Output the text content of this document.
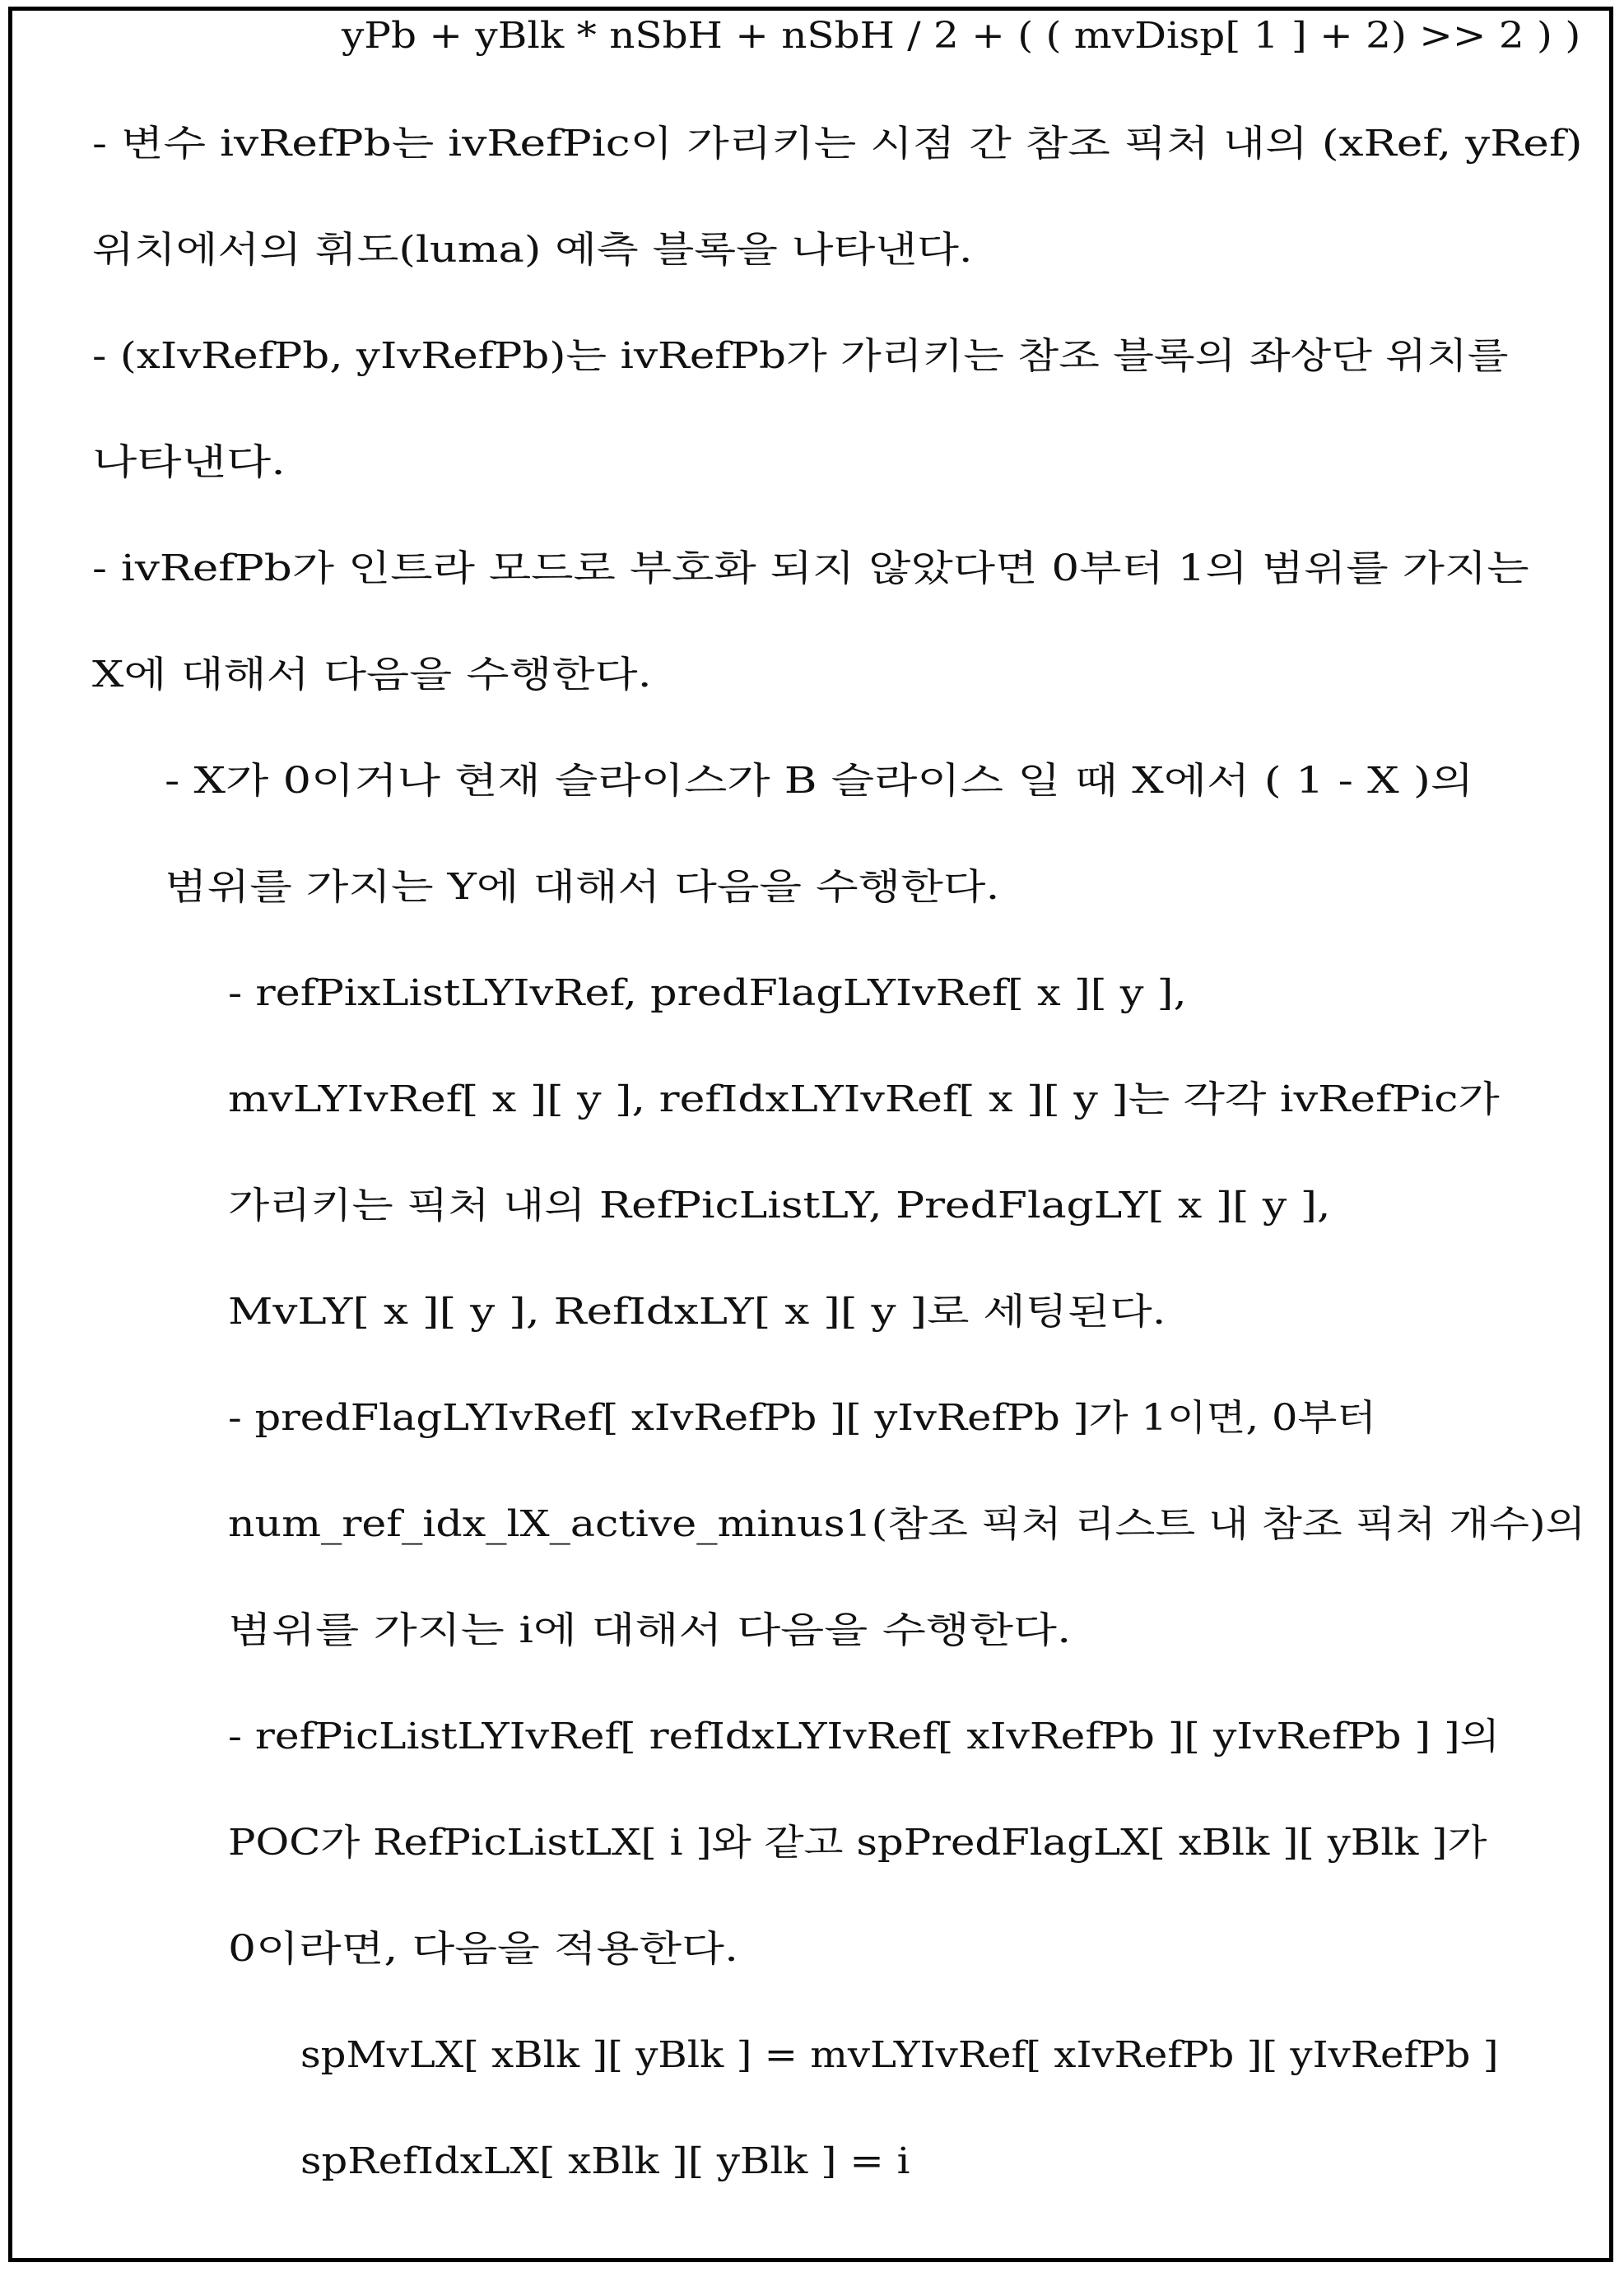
yPb + yBlk * nSbH + nSbH / 2 + ( ( mvDisp[ 1 ] + 2) >> 2 ) )
- 변수 ivRefPb는 ivRefPic이 가리키는 시점 간 참조 픽처 내의 (xRef, yRef)
위치에서의 휘도(luma) 예측 블록을 나타낸다.
- (xIvRefPb, yIvRefPb)는 ivRefPb가 가리키는 참조 블록의 좌상단 위치를
나타낸다.
- ivRefPb가 인트라 모드로 부호화 되지 않았다면 0부터 1의 범위를 가지는
X에 대해서 다음을 수행한다.
- X가 0이거나 현재 슬라이스가 B 슬라이스 일 때 X에서 ( 1 - X )의
범위를 가지는 Y에 대해서 다음을 수행한다.
- refPixListLYIvRef, predFlagLYIvRef[ x ][ y ],
mvLYIvRef[ x ][ y ], refIdxLYIvRef[ x ][ y ]는 각각 ivRefPic가
가리키는 픽처 내의 RefPicListLY, PredFlagLY[ x ][ y ],
MvLY[ x ][ y ], RefIdxLY[ x ][ y ]로 세팅된다.
- predFlagLYIvRef[ xIvRefPb ][ yIvRefPb ]가 1이면, 0부터
num_ref_idx_lX_active_minus1(참조 픽처 리스트 내 참조 픽처 개수)의
범위를 가지는 i에 대해서 다음을 수행한다.
- refPicListLYIvRef[ refIdxLYIvRef[ xIvRefPb ][ yIvRefPb ] ]의
POC가 RefPicListLX[ i ]와 같고 spPredFlagLX[ xBlk ][ yBlk ]가
0이라면, 다음을 적용한다.
spMvLX[ xBlk ][ yBlk ] = mvLYIvRef[ xIvRefPb ][ yIvRefPb ]
spRefIdxLX[ xBlk ][ yBlk ] = i
